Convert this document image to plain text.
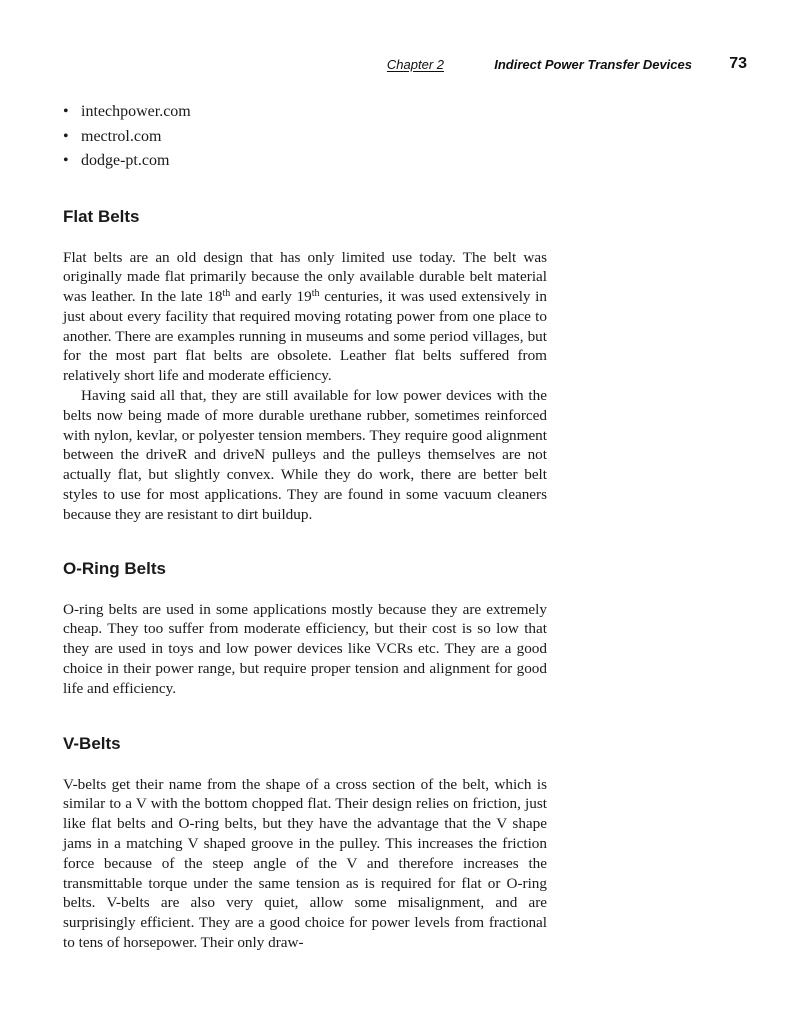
Chapter 2	Indirect Power Transfer Devices 73
• intechpower.com
• mectrol.com
• dodge-pt.com
Flat Belts

Flat belts are an old design that has only limited use today. The belt was originally made flat primarily because the only available durable belt material was leather. In the late 18th and early 19th centuries, it was used extensively in just about every facility that required moving rotating power from one place to another. There are examples running in museums and some period villages, but for the most part flat belts are obsolete. Leather flat belts suffered from relatively short life and moderate efficiency.

Having said all that, they are still available for low power devices with the belts now being made of more durable urethane rubber, sometimes reinforced with nylon, kevlar, or polyester tension members. They require good alignment between the driveR and driveN pulleys and the pulleys themselves are not actually flat, but slightly convex. While they do work, there are better belt styles to use for most applications. They are found in some vacuum cleaners because they are resistant to dirt buildup.

O-Ring Belts

O-ring belts are used in some applications mostly because they are extremely cheap. They too suffer from moderate efficiency, but their cost is so low that they are used in toys and low power devices like VCRs etc. They are a good choice in their power range, but require proper tension and alignment for good life and efficiency.

V-Belts

V-belts get their name from the shape of a cross section of the belt, which is similar to a V with the bottom chopped flat. Their design relies on friction, just like flat belts and O-ring belts, but they have the advantage that the V shape jams in a matching V shaped groove in the pulley. This increases the friction force because of the steep angle of the V and therefore increases the transmittable torque under the same tension as is required for flat or O-ring belts. V-belts are also very quiet, allow some misalignment, and are surprisingly efficient. They are a good choice for power levels from fractional to tens of horsepower. Their only draw-
